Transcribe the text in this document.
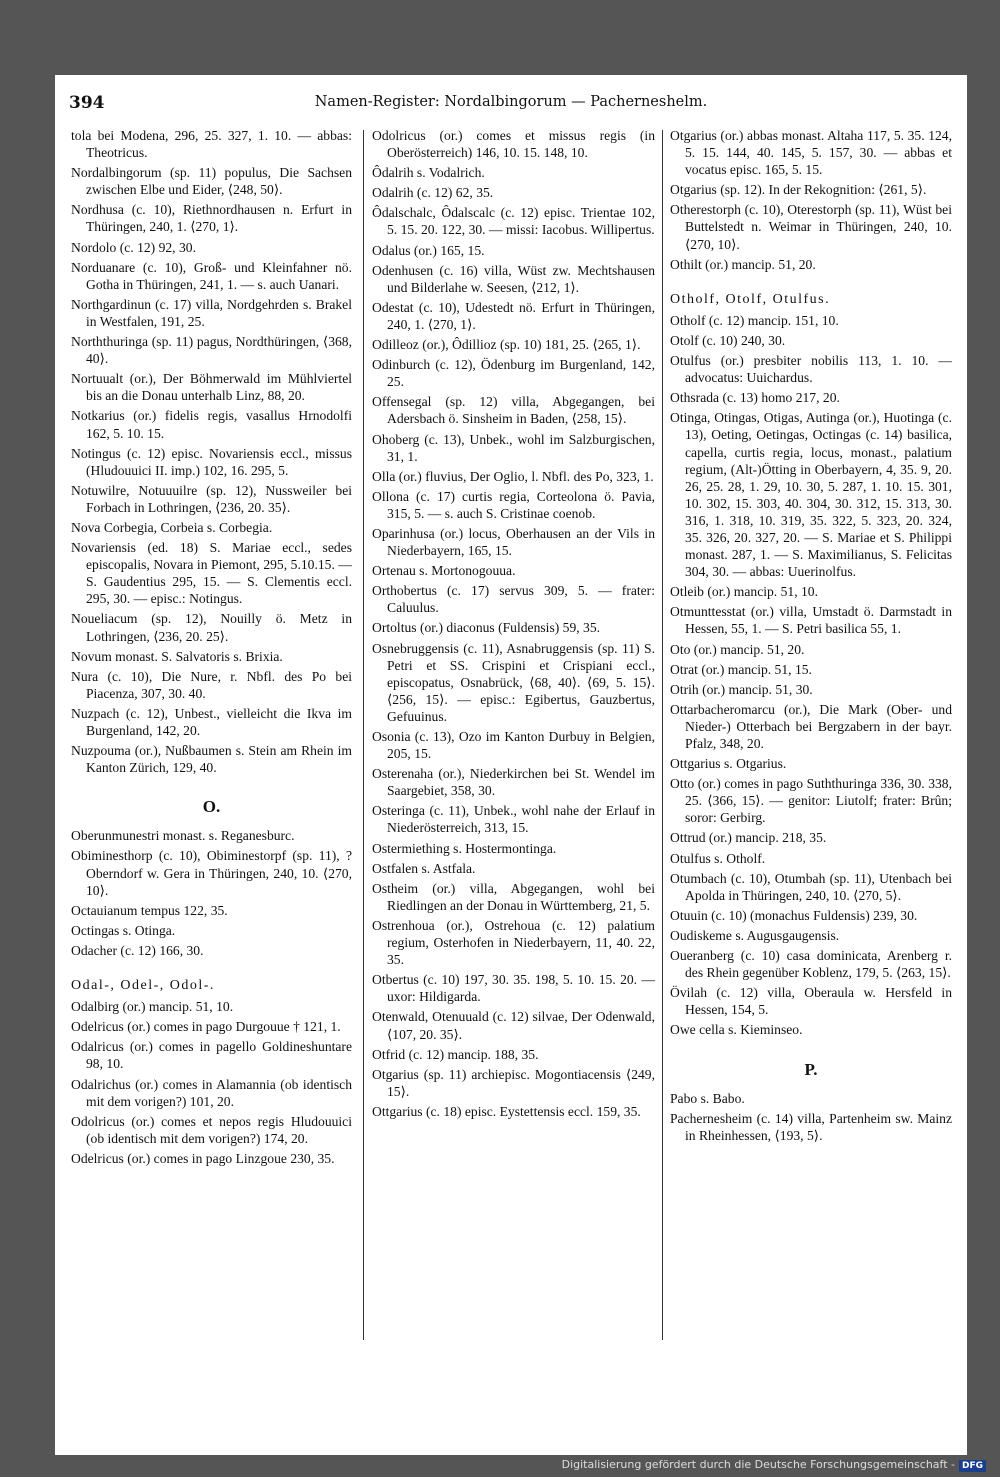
394	Namen-Register: Nordalbingorum — Pacherneshelm.
tola bei Modena, 296, 25. 327, 1. 10. — abbas: Theotricus.
Nordalbingorum (sp. 11) populus, Die Sachsen zwischen Elbe und Eider, ⟨248, 50⟩.
Nordhusa (c. 10), Riethnordhausen n. Erfurt in Thüringen, 240, 1. ⟨270, 1⟩.
Nordolo (c. 12) 92, 30.
Norduanare (c. 10), Groß- und Kleinfahner nö. Gotha in Thüringen, 241, 1. — s. auch Uanari.
Northgardinun (c. 17) villa, Nordgehrden s. Brakel in Westfalen, 191, 25.
Norththuringa (sp. 11) pagus, Nordthüringen, ⟨368, 40⟩.
Nortuualt (or.), Der Böhmerwald im Mühlviertel bis an die Donau unterhalb Linz, 88, 20.
Notkarius (or.) fidelis regis, vasallus Hrnodolfi 162, 5. 10. 15.
Notingus (c. 12) episc. Novariensis eccl., missus (Hludouuici II. imp.) 102, 16. 295, 5.
Notuwilre, Notuuuilre (sp. 12), Nussweiler bei Forbach in Lothringen, ⟨236, 20. 35⟩.
Nova Corbegia, Corbeia s. Corbegia.
Novariensis (ed. 18) S. Mariae eccl., sedes episcopalis, Novara in Piemont, 295, 5.10.15. — S. Gaudentius 295, 15. — S. Clementis eccl. 295, 30. — episc.: Notingus.
Noueliacum (sp. 12), Nouilly ö. Metz in Lothringen, ⟨236, 20. 25⟩.
Novum monast. S. Salvatoris s. Brixia.
Nura (c. 10), Die Nure, r. Nbfl. des Po bei Piacenza, 307, 30. 40.
Nuzpach (c. 12), Unbest., vielleicht die Ikva im Burgenland, 142, 20.
Nuzpouma (or.), Nußbaumen s. Stein am Rhein im Kanton Zürich, 129, 40.
O.
Oberunmunestri monast. s. Reganesburc.
Obiminesthorp (c. 10), Obiminestorpf (sp. 11), ? Oberndorf w. Gera in Thüringen, 240, 10. ⟨270, 10⟩.
Octauianum tempus 122, 35.
Octingas s. Otinga.
Odacher (c. 12) 166, 30.
Odal-, Odel-, Odol-.
Odalbirg (or.) mancip. 51, 10.
Odelricus (or.) comes in pago Durgouue † 121, 1.
Odalricus (or.) comes in pagello Goldineshuntare 98, 10.
Odalrichus (or.) comes in Alamannia (ob identisch mit dem vorigen?) 101, 20.
Odolricus (or.) comes et nepos regis Hludouuici (ob identisch mit dem vorigen?) 174, 20.
Odelricus (or.) comes in pago Linzgoue 230, 35.
Odolricus (or.) comes et missus regis (in Oberösterreich) 146, 10. 15. 148, 10.
Ôdalrih s. Vodalrich.
Odalrih (c. 12) 62, 35.
Ôdalschalc, Ôdalscalc (c. 12) episc. Trientae 102, 5. 15. 20. 122, 30. — missi: Iacobus. Willipertus.
Odalus (or.) 165, 15.
Odenhusen (c. 16) villa, Wüst zw. Mechtshausen und Bilderlahe w. Seesen, ⟨212, 1⟩.
Odestat (c. 10), Udestedt nö. Erfurt in Thüringen, 240, 1. ⟨270, 1⟩.
Odilleoz (or.), Ôdillioz (sp. 10) 181, 25. ⟨265, 1⟩.
Odinburch (c. 12), Ödenburg im Burgenland, 142, 25.
Offensegal (sp. 12) villa, Abgegangen, bei Adersbach ö. Sinsheim in Baden, ⟨258, 15⟩.
Ohoberg (c. 13), Unbek., wohl im Salzburgischen, 31, 1.
Olla (or.) fluvius, Der Oglio, l. Nbfl. des Po, 323, 1.
Ollona (c. 17) curtis regia, Corteolona ö. Pavia, 315, 5. — s. auch S. Cristinae coenob.
Oparinhusa (or.) locus, Oberhausen an der Vils in Niederbayern, 165, 15.
Ortenau s. Mortonogouua.
Orthobertus (c. 17) servus 309, 5. — frater: Caluulus.
Ortoltus (or.) diaconus (Fuldensis) 59, 35.
Osnebruggensis (c. 11), Asnabruggensis (sp. 11) S. Petri et SS. Crispini et Crispiani eccl., episcopatus, Osnabrück, ⟨68, 40⟩. ⟨69, 5. 15⟩. ⟨256, 15⟩. — episc.: Egibertus, Gauzbertus, Gefuuinus.
Osonia (c. 13), Ozo im Kanton Durbuy in Belgien, 205, 15.
Osterenaha (or.), Niederkirchen bei St. Wendel im Saargebiet, 358, 30.
Osteringa (c. 11), Unbek., wohl nahe der Erlauf in Niederösterreich, 313, 15.
Ostermiething s. Hostermontinga.
Ostfalen s. Astfala.
Ostheim (or.) villa, Abgegangen, wohl bei Riedlingen an der Donau in Württemberg, 21, 5.
Ostrenhoua (or.), Ostrehoua (c. 12) palatium regium, Osterhofen in Niederbayern, 11, 40. 22, 35.
Otbertus (c. 10) 197, 30. 35. 198, 5. 10. 15. 20. — uxor: Hildigarda.
Otenwald, Otenuuald (c. 12) silvae, Der Odenwald, ⟨107, 20. 35⟩.
Otfrid (c. 12) mancip. 188, 35.
Otgarius (sp. 11) archiepisc. Mogontiacensis ⟨249, 15⟩.
Ottgarius (c. 18) episc. Eystettensis eccl. 159, 35.
Otgarius (or.) abbas monast. Altaha 117, 5. 35. 124, 5. 15. 144, 40. 145, 5. 157, 30. — abbas et vocatus episc. 165, 5. 15.
Otgarius (sp. 12). In der Rekognition: ⟨261, 5⟩.
Otherestorph (c. 10), Oterestorph (sp. 11), Wüst bei Buttelstedt n. Weimar in Thüringen, 240, 10. ⟨270, 10⟩.
Othilt (or.) mancip. 51, 20.
Otholf, Otolf, Otulfus.
Otholf (c. 12) mancip. 151, 10.
Otolf (c. 10) 240, 30.
Otulfus (or.) presbiter nobilis 113, 1. 10. — advocatus: Uuichardus.
Othsrada (c. 13) homo 217, 20.
Otinga, Otingas, Otigas, Autinga (or.), Huotinga (c. 13), Oeting, Oetingas, Octingas (c. 14) basilica, capella, curtis regia, locus, monast., palatium regium, (Alt-)Ötting in Oberbayern, 4, 35. 9, 20. 26, 25. 28, 1. 29, 10. 30, 5. 287, 1. 10. 15. 301, 10. 302, 15. 303, 40. 304, 30. 312, 15. 313, 30. 316, 1. 318, 10. 319, 35. 322, 5. 323, 20. 324, 35. 326, 20. 327, 20. — S. Mariae et S. Philippi monast. 287, 1. — S. Maximilianus, S. Felicitas 304, 30. — abbas: Uuerinolfus.
Otleib (or.) mancip. 51, 10.
Otmunttesstat (or.) villa, Umstadt ö. Darmstadt in Hessen, 55, 1. — S. Petri basilica 55, 1.
Oto (or.) mancip. 51, 20.
Otrat (or.) mancip. 51, 15.
Otrih (or.) mancip. 51, 30.
Ottarbacheromarcu (or.), Die Mark (Ober- und Nieder-) Otterbach bei Bergzabern in der bayr. Pfalz, 348, 20.
Ottgarius s. Otgarius.
Otto (or.) comes in pago Suththuringa 336, 30. 338, 25. ⟨366, 15⟩. — genitor: Liutolf; frater: Brûn; soror: Gerbirg.
Ottrud (or.) mancip. 218, 35.
Otulfus s. Otholf.
Otumbach (c. 10), Otumbah (sp. 11), Utenbach bei Apolda in Thüringen, 240, 10. ⟨270, 5⟩.
Otuuin (c. 10) (monachus Fuldensis) 239, 30.
Oudiskeme s. Augusgaugensis.
Oueranberg (c. 10) casa dominicata, Arenberg r. des Rhein gegenüber Koblenz, 179, 5. ⟨263, 15⟩.
Övilah (c. 12) villa, Oberaula w. Hersfeld in Hessen, 154, 5.
Owe cella s. Kieminseo.
P.
Pabo s. Babo.
Pachernesheim (c. 14) villa, Partenheim sw. Mainz in Rheinhessen, ⟨193, 5⟩.
Digitalisierung gefördert durch die Deutsche Forschungsgemeinschaft - DFG
